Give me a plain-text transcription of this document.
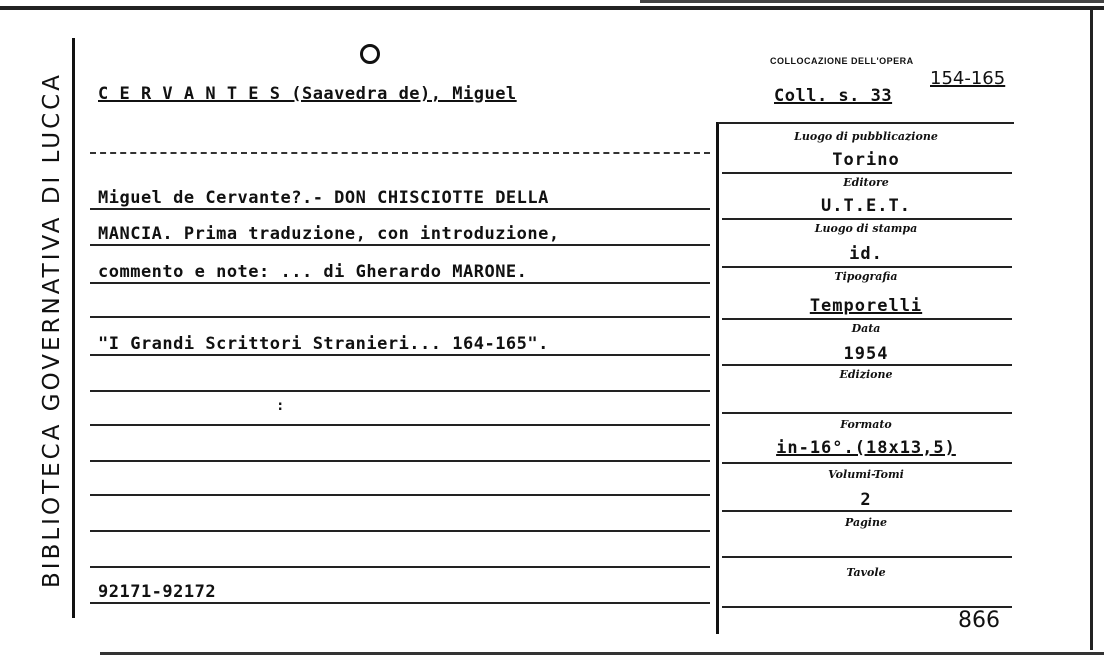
BIBLIOTECA GOVERNATIVA DI LUCCA
COLLOCAZIONE DELL'OPERA
C E R V A N T E S (Saavedra de), Miguel	Coll. s. 33
154-165
Miguel de Cervante?.- DON CHISCIOTTE DELLA
MANCIA. Prima traduzione, con introduzione,
commento e note: ... di Gherardo MARONE.
"I Grandi Scrittori Stranieri... 164-165".
:
92171-92172
Luogo di pubblicazione
Torino
Editore
U.T.E.T.
Luogo di stampa
id.
Tipografia
Temporelli
Data
1954
Edizione
Formato
in-16°.(18x13,5)
Volumi-Tomi
2
Pagine
Tavole
866
